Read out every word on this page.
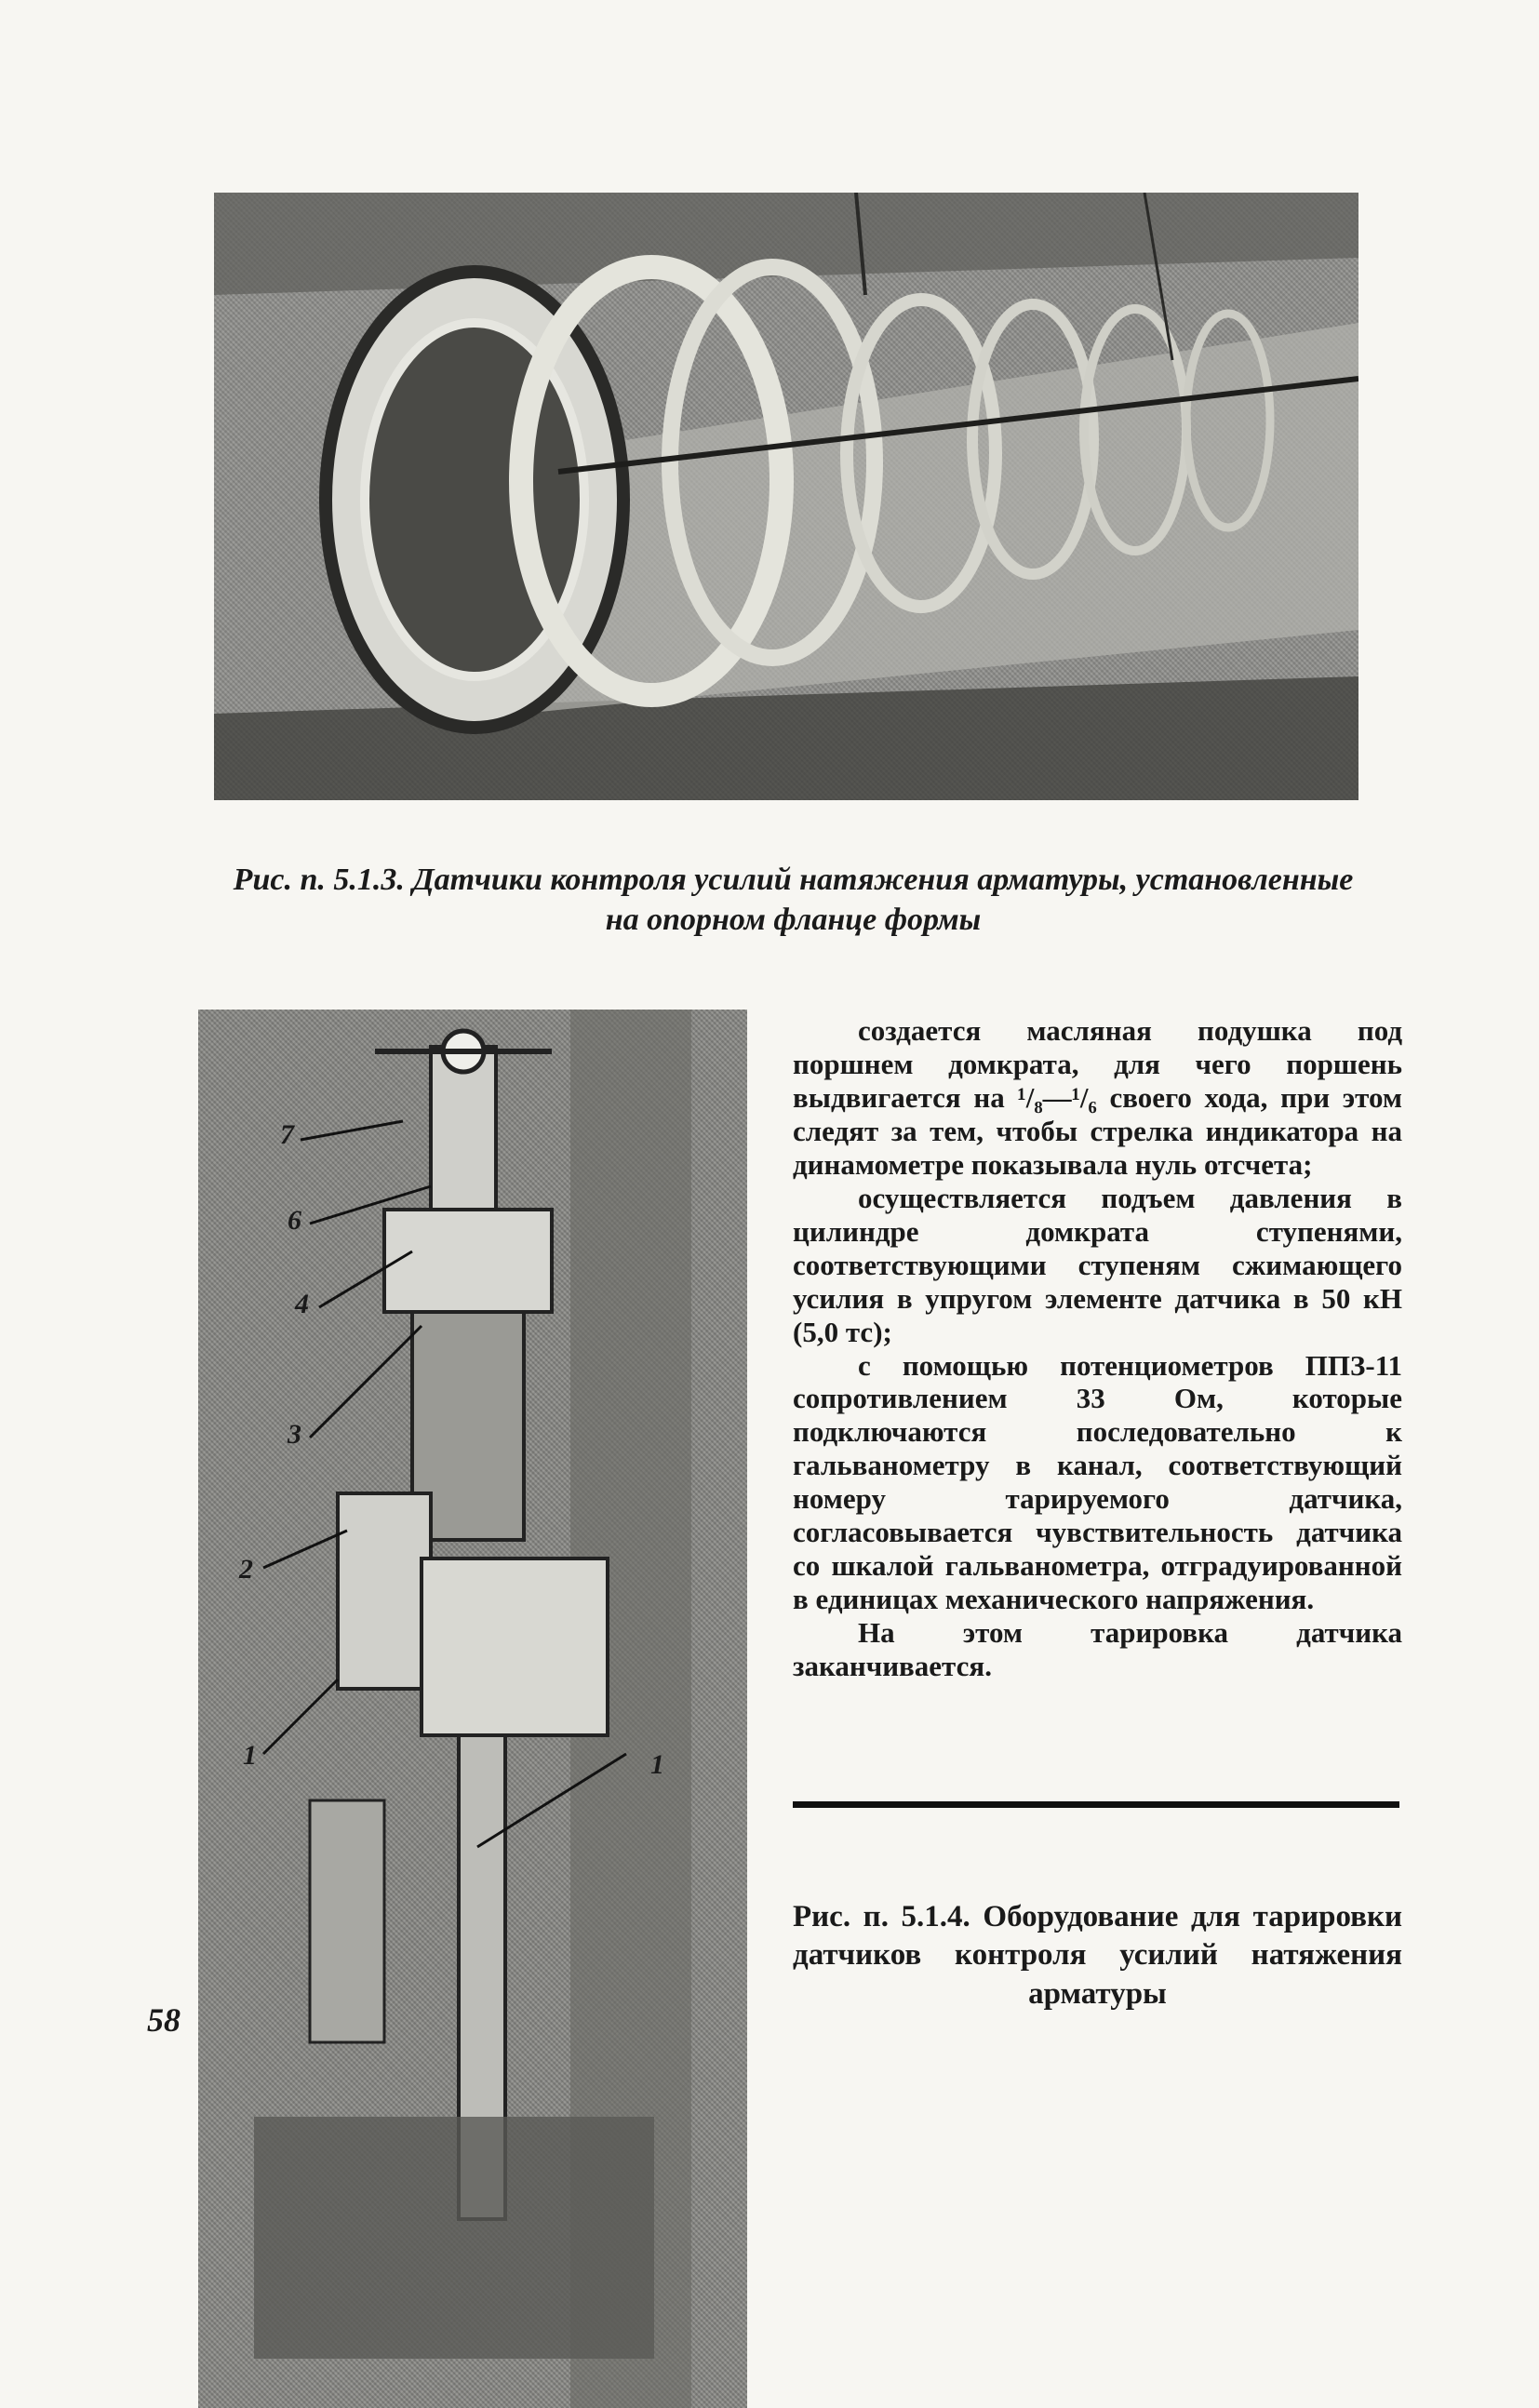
Рис. п. 5.1.3. Датчики контроля усилий натяжения арматуры, установленные на опорном фланце формы
7
6
4
3
2
1	1

создается масляная подушка под поршнем домкрата, для чего поршень выдвигается на ¹/₈—¹/₆ своего хода, при этом следят за тем, чтобы стрелка индикатора на динамометре показывала нуль отсчета;

осуществляется подъем давления в цилиндре домкрата ступенями, соответствующими ступеням сжимающего усилия в упругом элементе датчика в 50 кН (5,0 тс);

с помощью потенциометров ППЗ-11 сопротивлением 33 Ом, которые подключаются последовательно к гальванометру в канал, соответствующий номеру тарируемого датчика, согласовывается чувствительность датчика со шкалой гальванометра, отградуированной в единицах механического напряжения.

На этом тарировка датчика заканчивается.

Рис. п. 5.1.4. Оборудование для тарировки датчиков контроля усилий натяжения арматуры
58
